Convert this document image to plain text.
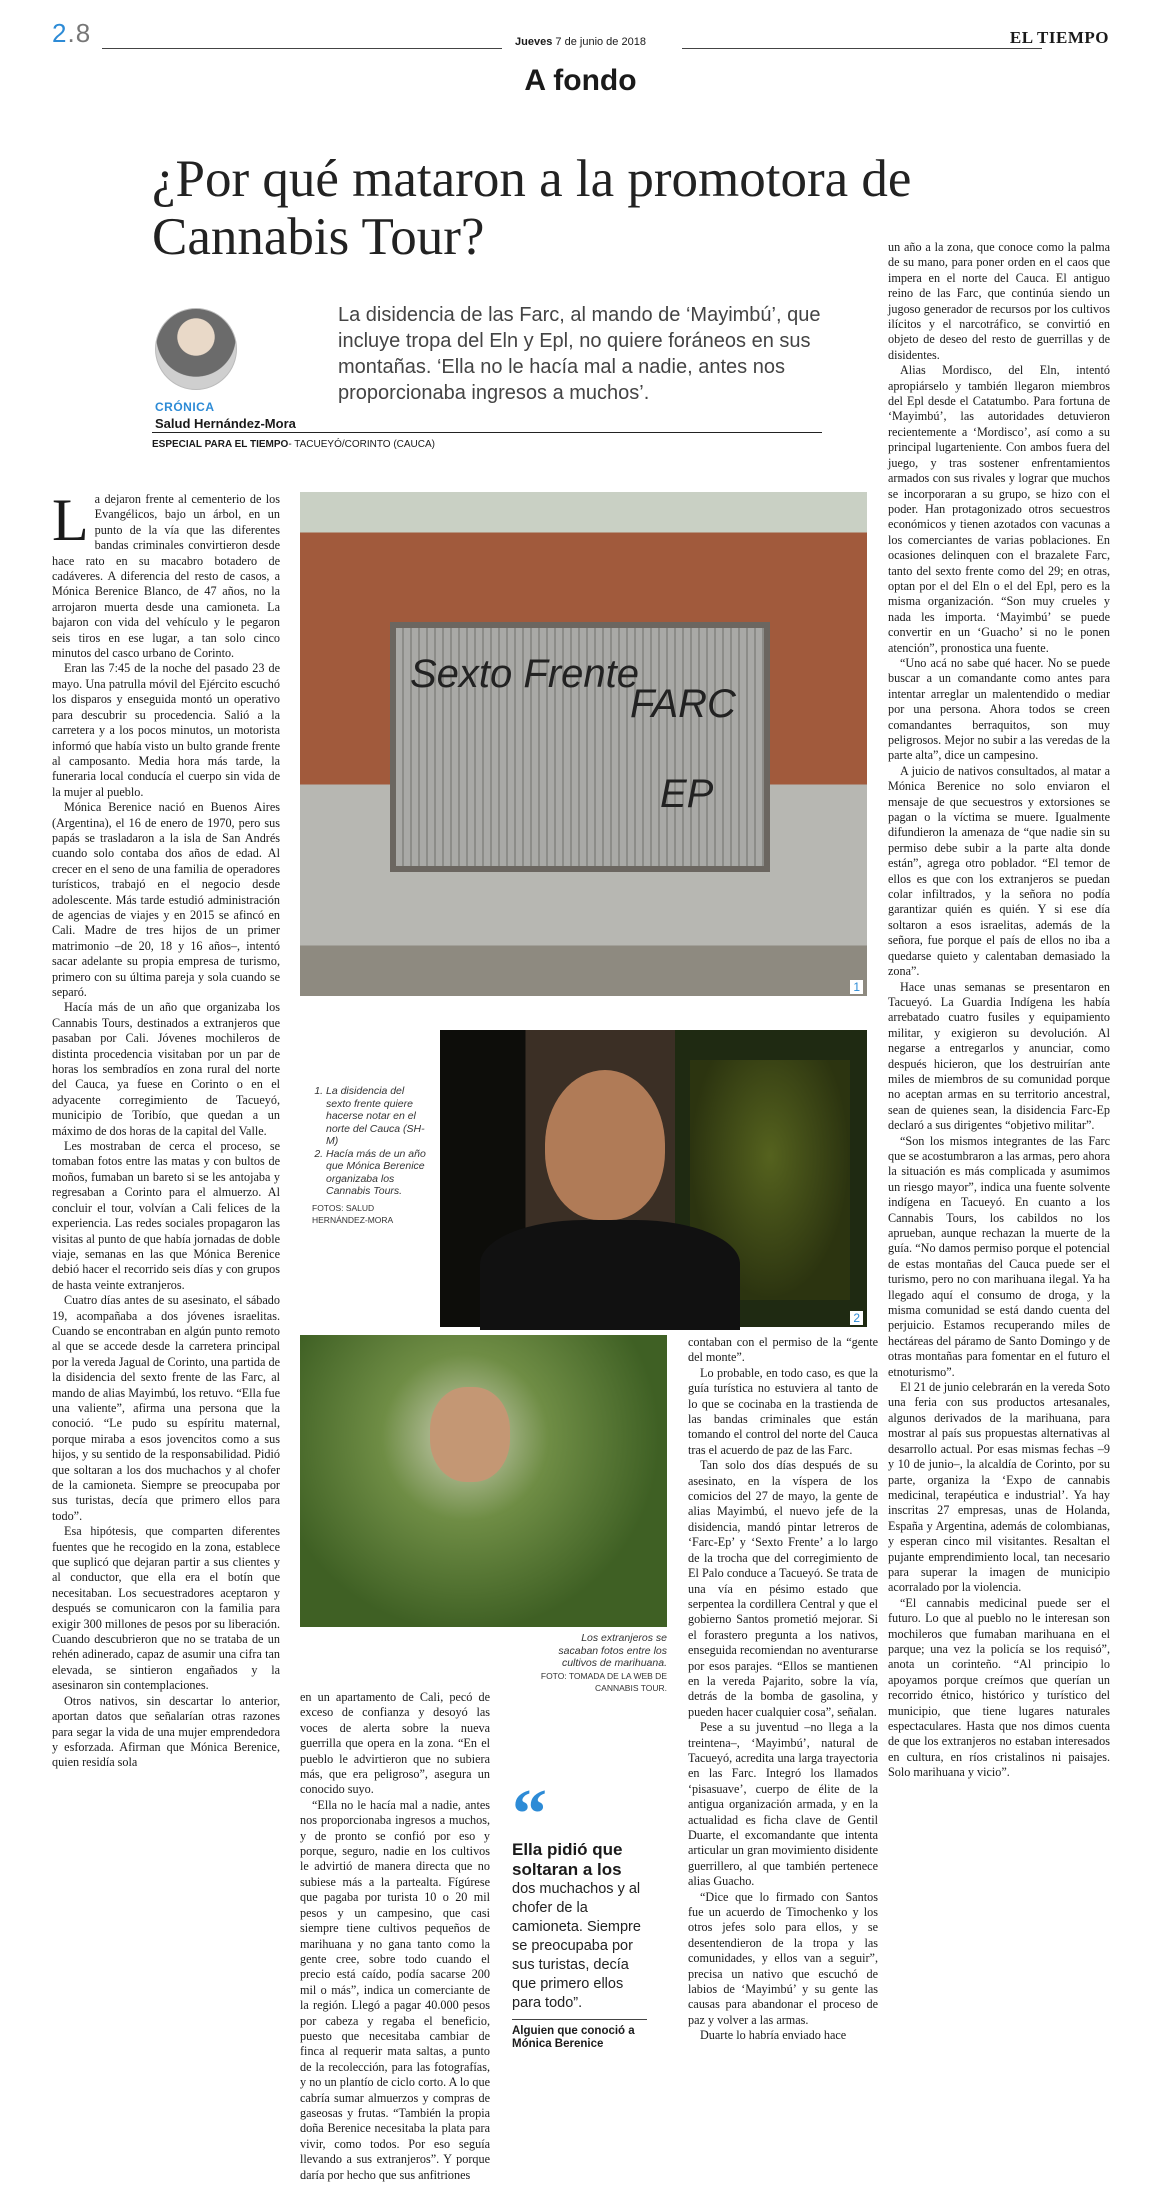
2.8	Jueves 7 de junio de 2018	EL TIEMPO
A fondo
¿Por qué mataron a la promotora de Cannabis Tour?
CRÓNICA
Salud Hernández-Mora
La disidencia de las Farc, al mando de ‘Mayimbú’, que incluye tropa del Eln y Epl, no quiere foráneos en sus montañas. ‘Ella no le hacía mal a nadie, antes nos proporcionaba ingresos a muchos’.
ESPECIAL PARA EL TIEMPO- TACUEYÓ/CORINTO (CAUCA)

La dejaron frente al cementerio de los Evangélicos, bajo un árbol, en un punto de la vía que las diferentes bandas criminales convirtieron desde hace rato en su macabro botadero de cadáveres. A diferencia del resto de casos, a Mónica Berenice Blanco, de 47 años, no la arrojaron muerta desde una camioneta. La bajaron con vida del vehículo y le pegaron seis tiros en ese lugar, a tan solo cinco minutos del casco urbano de Corinto.

Eran las 7:45 de la noche del pasado 23 de mayo. Una patrulla móvil del Ejército escuchó los disparos y enseguida montó un operativo para descubrir su procedencia. Salió a la carretera y a los pocos minutos, un motorista informó que había visto un bulto grande frente al camposanto. Media hora más tarde, la funeraria local conducía el cuerpo sin vida de la mujer al pueblo.

Mónica Berenice nació en Buenos Aires (Argentina), el 16 de enero de 1970, pero sus papás se trasladaron a la isla de San Andrés cuando solo contaba dos años de edad. Al crecer en el seno de una familia de operadores turísticos, trabajó en el negocio desde adolescente. Más tarde estudió administración de agencias de viajes y en 2015 se afincó en Cali. Madre de tres hijos de un primer matrimonio –de 20, 18 y 16 años–, intentó sacar adelante su propia empresa de turismo, primero con su última pareja y sola cuando se separó.

Hacía más de un año que organizaba los Cannabis Tours, destinados a extranjeros que pasaban por Cali. Jóvenes mochileros de distinta procedencia visitaban por un par de horas los sembradíos en zona rural del norte del Cauca, ya fuese en Corinto o en el adyacente corregimiento de Tacueyó, municipio de Toribío, que quedan a un máximo de dos horas de la capital del Valle.

Les mostraban de cerca el proceso, se tomaban fotos entre las matas y con bultos de moños, fumaban un bareto si se les antojaba y regresaban a Corinto para el almuerzo. Al concluir el tour, volvían a Cali felices de la experiencia. Las redes sociales propagaron las visitas al punto de que había jornadas de doble viaje, semanas en las que Mónica Berenice debió hacer el recorrido seis días y con grupos de hasta veinte extranjeros.

Cuatro días antes de su asesinato, el sábado 19, acompañaba a dos jóvenes israelitas. Cuando se encontraban en algún punto remoto al que se accede desde la carretera principal por la vereda Jagual de Corinto, una partida de la disidencia del sexto frente de las Farc, al mando de alias Mayimbú, los retuvo. “Ella fue una valiente”, afirma una persona que la conoció. “Le pudo su espíritu maternal, porque miraba a esos jovencitos como a sus hijos, y su sentido de la responsabilidad. Pidió que soltaran a los dos muchachos y al chofer de la camioneta. Siempre se preocupaba por sus turistas, decía que primero ellos para todo”.

Esa hipótesis, que comparten diferentes fuentes que he recogido en la zona, establece que suplicó que dejaran partir a sus clientes y al conductor, que ella era el botín que necesitaban. Los secuestradores aceptaron y después se comunicaron con la familia para exigir 300 millones de pesos por su liberación. Cuando descubrieron que no se trataba de un rehén adinerado, capaz de asumir una cifra tan elevada, se sintieron engañados y la asesinaron sin contemplaciones.

Otros nativos, sin descartar lo anterior, aportan datos que señalarían otras razones para segar la vida de una mujer emprendedora y esforzada. Afirman que Mónica Berenice, quien residía sola

Sexto Frente
FARC
EP
1
1. La disidencia del sexto frente quiere hacerse notar en el norte del Cauca (SH-M)
2. Hacía más de un año que Mónica Berenice organizaba los Cannabis Tours.
FOTOS: SALUD HERNÁNDEZ-MORA
2
Los extranjeros se sacaban fotos entre los cultivos de marihuana.
FOTO: TOMADA DE LA WEB DE CANNABIS TOUR.

en un apartamento de Cali, pecó de exceso de confianza y desoyó las voces de alerta sobre la nueva guerrilla que opera en la zona. “En el pueblo le advirtieron que no subiera más, que era peligroso”, asegura un conocido suyo.

“Ella no le hacía mal a nadie, antes nos proporcionaba ingresos a muchos, y de pronto se confió por eso y porque, seguro, nadie en los cultivos le advirtió de manera directa que no subiese más a la partealta. Fígúrese que pagaba por turista 10 o 20 mil pesos y un campesino, que casi siempre tiene cultivos pequeños de marihuana y no gana tanto como la gente cree, sobre todo cuando el precio está caído, podía sacarse 200 mil o más”, indica un comerciante de la región. Llegó a pagar 40.000 pesos por cabeza y regaba el beneficio, puesto que necesitaba cambiar de finca al requerir mata saltas, a punto de la recolección, para las fotografías, y no un plantío de ciclo corto. A lo que cabría sumar almuerzos y compras de gaseosas y frutas. “También la propia doña Berenice necesitaba la plata para vivir, como todos. Por eso seguía llevando a sus extranjeros”. Y porque daría por hecho que sus anfitriones

“
Ella pidió que soltaran a los
dos muchachos y al chofer de la camioneta. Siempre se preocupaba por sus turistas, decía que primero ellos para todo”.
Alguien que conoció a Mónica Berenice

contaban con el permiso de la “gente del monte”.

Lo probable, en todo caso, es que la guía turística no estuviera al tanto de lo que se cocinaba en la trastienda de las bandas criminales que están tomando el control del norte del Cauca tras el acuerdo de paz de las Farc.

Tan solo dos días después de su asesinato, en la víspera de los comicios del 27 de mayo, la gente de alias Mayimbú, el nuevo jefe de la disidencia, mandó pintar letreros de ‘Farc-Ep’ y ‘Sexto Frente’ a lo largo de la trocha que del corregimiento de El Palo conduce a Tacueyó. Se trata de una vía en pésimo estado que serpentea la cordillera Central y que el gobierno Santos prometió mejorar. Si el forastero pregunta a los nativos, enseguida recomiendan no aventurarse por esos parajes. “Ellos se mantienen en la vereda Pajarito, sobre la vía, detrás de la bomba de gasolina, y pueden hacer cualquier cosa”, señalan.

Pese a su juventud –no llega a la treintena–, ‘Mayimbú’, natural de Tacueyó, acredita una larga trayectoria en las Farc. Integró los llamados ‘pisasuave’, cuerpo de élite de la antigua organización armada, y en la actualidad es ficha clave de Gentil Duarte, el excomandante que intenta articular un gran movimiento disidente guerrillero, al que también pertenece alias Guacho.

“Dice que lo firmado con Santos fue un acuerdo de Timochenko y los otros jefes solo para ellos, y se desentendieron de la tropa y las comunidades, y ellos van a seguir”, precisa un nativo que escuchó de labios de ‘Mayimbú’ y su gente las causas para abandonar el proceso de paz y volver a las armas.

Duarte lo habría enviado hace

un año a la zona, que conoce como la palma de su mano, para poner orden en el caos que impera en el norte del Cauca. El antiguo reino de las Farc, que continúa siendo un jugoso generador de recursos por los cultivos ilícitos y el narcotráfico, se convirtió en objeto de deseo del resto de guerrillas y de disidentes.

Alias Mordisco, del Eln, intentó apropiárselo y también llegaron miembros del Epl desde el Catatumbo. Para fortuna de ‘Mayimbú’, las autoridades detuvieron recientemente a ‘Mordisco’, así como a su principal lugarteniente. Con ambos fuera del juego, y tras sostener enfrentamientos armados con sus rivales y lograr que muchos se incorporaran a su grupo, se hizo con el poder. Han protagonizado otros secuestros económicos y tienen azotados con vacunas a los comerciantes de varias poblaciones. En ocasiones delinquen con el brazalete Farc, tanto del sexto frente como del 29; en otras, optan por el del Eln o el del Epl, pero es la misma organización. “Son muy crueles y nada les importa. ‘Mayimbú’ se puede convertir en un ‘Guacho’ si no le ponen atención”, pronostica una fuente.

“Uno acá no sabe qué hacer. No se puede buscar a un comandante como antes para intentar arreglar un malentendido o mediar por una persona. Ahora todos se creen comandantes berraquitos, son muy peligrosos. Mejor no subir a las veredas de la parte alta”, dice un campesino.

A juicio de nativos consultados, al matar a Mónica Berenice no solo enviaron el mensaje de que secuestros y extorsiones se pagan o la víctima se muere. Igualmente difundieron la amenaza de “que nadie sin su permiso debe subir a la parte alta donde están”, agrega otro poblador. “El temor de ellos es que con los extranjeros se puedan colar infiltrados, y la señora no podía garantizar quién es quién. Y si ese día soltaron a esos israelitas, además de la señora, fue porque el país de ellos no iba a quedarse quieto y calentaban demasiado la zona”.

Hace unas semanas se presentaron en Tacueyó. La Guardia Indígena les había arrebatado cuatro fusiles y equipamiento militar, y exigieron su devolución. Al negarse a entregarlos y anunciar, como después hicieron, que los destruirían ante miles de miembros de su comunidad porque no aceptan armas en su territorio ancestral, sean de quienes sean, la disidencia Farc-Ep declaró a sus dirigentes “objetivo militar”.

“Son los mismos integrantes de las Farc que se acostumbraron a las armas, pero ahora la situación es más complicada y asumimos un riesgo mayor”, indica una fuente solvente indígena en Tacueyó. En cuanto a los Cannabis Tours, los cabildos no los aprueban, aunque rechazan la muerte de la guía. “No damos permiso porque el potencial de estas montañas del Cauca puede ser el turismo, pero no con marihuana ilegal. Ya ha llegado aquí el consumo de droga, y la misma comunidad se está dando cuenta del perjuicio. Estamos recuperando miles de hectáreas del páramo de Santo Domingo y de otras montañas para fomentar en el futuro el etnoturismo”.

El 21 de junio celebrarán en la vereda Soto una feria con sus productos artesanales, algunos derivados de la marihuana, para mostrar al país sus propuestas alternativas al desarrollo actual. Por esas mismas fechas –9 y 10 de junio–, la alcaldía de Corinto, por su parte, organiza la ‘Expo de cannabis medicinal, terapéutica e industrial’. Ya hay inscritas 27 empresas, unas de Holanda, España y Argentina, además de colombianas, y esperan cinco mil visitantes. Resaltan el pujante emprendimiento local, tan necesario para superar la imagen de municipio acorralado por la violencia.

“El cannabis medicinal puede ser el futuro. Lo que al pueblo no le interesan son mochileros que fumaban marihuana en el parque; una vez la policía se los requisó”, anota un corinteño. “Al principio lo apoyamos porque creímos que querían un recorrido étnico, histórico y turístico del municipio, que tiene lugares naturales espectaculares. Hasta que nos dimos cuenta de que los extranjeros no estaban interesados en cultura, en ríos cristalinos ni paisajes. Solo marihuana y vicio”.
